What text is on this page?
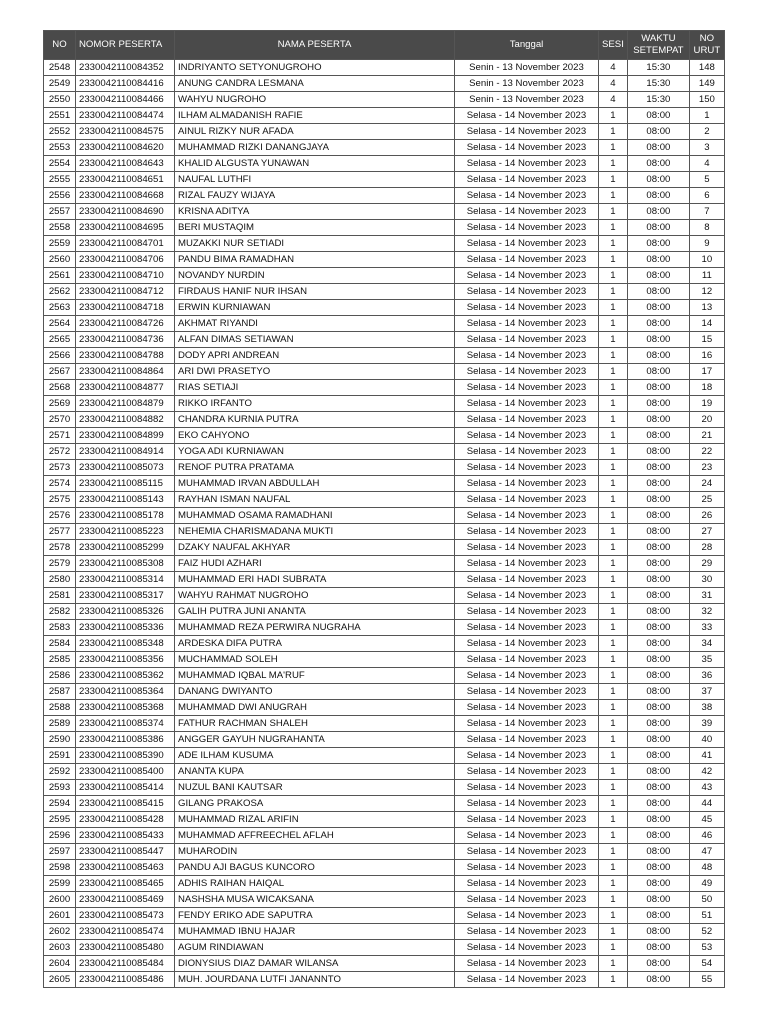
NO	NOMOR PESERTA	NAMA PESERTA	Tanggal	SESI	WAKTU SETEMPAT	NO URUT
2548	2330042110084352	INDRIYANTO SETYONUGROHO	Senin - 13 November 2023	4	15:30	148
2549	2330042110084416	ANUNG CANDRA LESMANA	Senin - 13 November 2023	4	15:30	149
2550	2330042110084466	WAHYU NUGROHO	Senin - 13 November 2023	4	15:30	150
2551	2330042110084474	ILHAM ALMADANISH RAFIE	Selasa - 14 November 2023	1	08:00	1
2552	2330042110084575	AINUL RIZKY NUR AFADA	Selasa - 14 November 2023	1	08:00	2
2553	2330042110084620	MUHAMMAD RIZKI DANANGJAYA	Selasa - 14 November 2023	1	08:00	3
2554	2330042110084643	KHALID ALGUSTA YUNAWAN	Selasa - 14 November 2023	1	08:00	4
2555	2330042110084651	NAUFAL LUTHFI	Selasa - 14 November 2023	1	08:00	5
2556	2330042110084668	RIZAL FAUZY WIJAYA	Selasa - 14 November 2023	1	08:00	6
2557	2330042110084690	KRISNA ADITYA	Selasa - 14 November 2023	1	08:00	7
2558	2330042110084695	BERI MUSTAQIM	Selasa - 14 November 2023	1	08:00	8
2559	2330042110084701	MUZAKKI NUR SETIADI	Selasa - 14 November 2023	1	08:00	9
2560	2330042110084706	PANDU BIMA RAMADHAN	Selasa - 14 November 2023	1	08:00	10
2561	2330042110084710	NOVANDY NURDIN	Selasa - 14 November 2023	1	08:00	11
2562	2330042110084712	FIRDAUS HANIF NUR IHSAN	Selasa - 14 November 2023	1	08:00	12
2563	2330042110084718	ERWIN KURNIAWAN	Selasa - 14 November 2023	1	08:00	13
2564	2330042110084726	AKHMAT RIYANDI	Selasa - 14 November 2023	1	08:00	14
2565	2330042110084736	ALFAN DIMAS SETIAWAN	Selasa - 14 November 2023	1	08:00	15
2566	2330042110084788	DODY APRI ANDREAN	Selasa - 14 November 2023	1	08:00	16
2567	2330042110084864	ARI DWI PRASETYO	Selasa - 14 November 2023	1	08:00	17
2568	2330042110084877	RIAS SETIAJI	Selasa - 14 November 2023	1	08:00	18
2569	2330042110084879	RIKKO IRFANTO	Selasa - 14 November 2023	1	08:00	19
2570	2330042110084882	CHANDRA KURNIA PUTRA	Selasa - 14 November 2023	1	08:00	20
2571	2330042110084899	EKO CAHYONO	Selasa - 14 November 2023	1	08:00	21
2572	2330042110084914	YOGA ADI KURNIAWAN	Selasa - 14 November 2023	1	08:00	22
2573	2330042110085073	RENOF PUTRA PRATAMA	Selasa - 14 November 2023	1	08:00	23
2574	2330042110085115	MUHAMMAD IRVAN ABDULLAH	Selasa - 14 November 2023	1	08:00	24
2575	2330042110085143	RAYHAN ISMAN NAUFAL	Selasa - 14 November 2023	1	08:00	25
2576	2330042110085178	MUHAMMAD OSAMA RAMADHANI	Selasa - 14 November 2023	1	08:00	26
2577	2330042110085223	NEHEMIA CHARISMADANA MUKTI	Selasa - 14 November 2023	1	08:00	27
2578	2330042110085299	DZAKY NAUFAL AKHYAR	Selasa - 14 November 2023	1	08:00	28
2579	2330042110085308	FAIZ HUDI AZHARI	Selasa - 14 November 2023	1	08:00	29
2580	2330042110085314	MUHAMMAD ERI HADI SUBRATA	Selasa - 14 November 2023	1	08:00	30
2581	2330042110085317	WAHYU RAHMAT NUGROHO	Selasa - 14 November 2023	1	08:00	31
2582	2330042110085326	GALIH PUTRA JUNI ANANTA	Selasa - 14 November 2023	1	08:00	32
2583	2330042110085336	MUHAMMAD REZA PERWIRA NUGRAHA	Selasa - 14 November 2023	1	08:00	33
2584	2330042110085348	ARDESKA DIFA PUTRA	Selasa - 14 November 2023	1	08:00	34
2585	2330042110085356	MUCHAMMAD SOLEH	Selasa - 14 November 2023	1	08:00	35
2586	2330042110085362	MUHAMMAD IQBAL MA'RUF	Selasa - 14 November 2023	1	08:00	36
2587	2330042110085364	DANANG DWIYANTO	Selasa - 14 November 2023	1	08:00	37
2588	2330042110085368	MUHAMMAD DWI ANUGRAH	Selasa - 14 November 2023	1	08:00	38
2589	2330042110085374	FATHUR RACHMAN SHALEH	Selasa - 14 November 2023	1	08:00	39
2590	2330042110085386	ANGGER GAYUH NUGRAHANTA	Selasa - 14 November 2023	1	08:00	40
2591	2330042110085390	ADE ILHAM KUSUMA	Selasa - 14 November 2023	1	08:00	41
2592	2330042110085400	ANANTA KUPA	Selasa - 14 November 2023	1	08:00	42
2593	2330042110085414	NUZUL BANI KAUTSAR	Selasa - 14 November 2023	1	08:00	43
2594	2330042110085415	GILANG PRAKOSA	Selasa - 14 November 2023	1	08:00	44
2595	2330042110085428	MUHAMMAD RIZAL ARIFIN	Selasa - 14 November 2023	1	08:00	45
2596	2330042110085433	MUHAMMAD AFFREECHEL AFLAH	Selasa - 14 November 2023	1	08:00	46
2597	2330042110085447	MUHARODIN	Selasa - 14 November 2023	1	08:00	47
2598	2330042110085463	PANDU AJI BAGUS KUNCORO	Selasa - 14 November 2023	1	08:00	48
2599	2330042110085465	ADHIS RAIHAN HAIQAL	Selasa - 14 November 2023	1	08:00	49
2600	2330042110085469	NASHSHA MUSA WICAKSANA	Selasa - 14 November 2023	1	08:00	50
2601	2330042110085473	FENDY ERIKO ADE SAPUTRA	Selasa - 14 November 2023	1	08:00	51
2602	2330042110085474	MUHAMMAD IBNU HAJAR	Selasa - 14 November 2023	1	08:00	52
2603	2330042110085480	AGUM RINDIAWAN	Selasa - 14 November 2023	1	08:00	53
2604	2330042110085484	DIONYSIUS DIAZ DAMAR WILANSA	Selasa - 14 November 2023	1	08:00	54
2605	2330042110085486	MUH. JOURDANA LUTFI JANANNTO	Selasa - 14 November 2023	1	08:00	55
